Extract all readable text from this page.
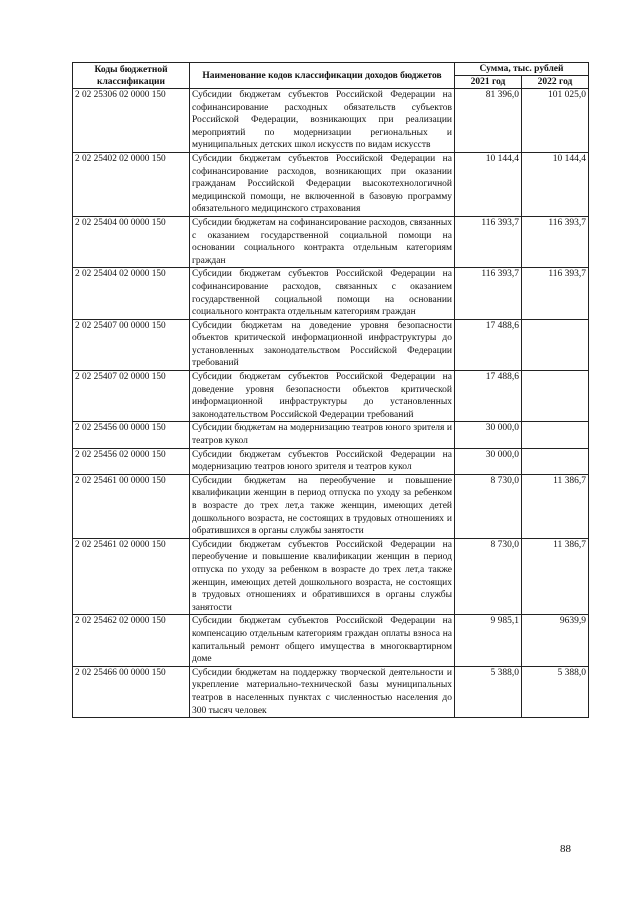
Коды бюджетной классификации	Наименование кодов классификации доходов бюджетов	Сумма, тыс. рублей	
		2021 год	2022 год
2 02 25306 02 0000 150	Субсидии бюджетам субъектов Российской Федерации на софинансирование расходных обязательств субъектов Российской Федерации, возникающих при реализации мероприятий по модернизации региональных и муниципальных детских школ искусств по видам искусств	81 396,0	101 025,0
2 02 25402 02 0000 150	Субсидии бюджетам субъектов Российской Федерации на софинансирование расходов, возникающих при оказании гражданам Российской Федерации высокотехнологичной медицинской помощи, не включенной в базовую программу обязательного медицинского страхования	10 144,4	10 144,4
2 02 25404 00 0000 150	Субсидии бюджетам на софинансирование расходов, связанных с оказанием государственной социальной помощи на основании социального контракта отдельным категориям граждан	116 393,7	116 393,7
2 02 25404 02 0000 150	Субсидии бюджетам субъектов Российской Федерации на софинансирование расходов, связанных с оказанием государственной социальной помощи на основании социального контракта отдельным категориям граждан	116 393,7	116 393,7
2 02 25407 00 0000 150	Субсидии бюджетам на доведение уровня безопасности объектов критической информационной инфраструктуры до установленных законодательством Российской Федерации требований	17 488,6	
2 02 25407 02 0000 150	Субсидии бюджетам субъектов Российской Федерации на доведение уровня безопасности объектов критической информационной инфраструктуры до установленных законодательством Российской Федерации требований	17 488,6	
2 02 25456 00 0000 150	Субсидии бюджетам на модернизацию театров юного зрителя и театров кукол	30 000,0	
2 02 25456 02 0000 150	Субсидии бюджетам субъектов Российской Федерации на модернизацию театров юного зрителя и театров кукол	30 000,0	
2 02 25461 00 0000 150	Субсидии бюджетам на переобучение и повышение квалификации женщин в период отпуска по уходу за ребенком в возрасте до трех лет,а также женщин, имеющих детей дошкольного возраста, не состоящих в трудовых отношениях и обратившихся в органы службы занятости	8 730,0	11 386,7
2 02 25461 02 0000 150	Субсидии бюджетам субъектов Российской Федерации на переобучение и повышение квалификации женщин в период отпуска по уходу за ребенком в возрасте до трех лет,а также женщин, имеющих детей дошкольного возраста, не состоящих в трудовых отношениях и обратившихся в органы службы занятости	8 730,0	11 386,7
2 02 25462 02 0000 150	Субсидии бюджетам субъектов Российской Федерации на компенсацию отдельным категориям граждан оплаты взноса на капитальный ремонт общего имущества в многоквартирном доме	9 985,1	9639,9
2 02 25466 00 0000 150	Субсидии бюджетам на поддержку творческой деятельности и укрепление материально-технической базы муниципальных театров в населенных пунктах с численностью населения до 300 тысяч человек	5 388,0	5 388,0
88
